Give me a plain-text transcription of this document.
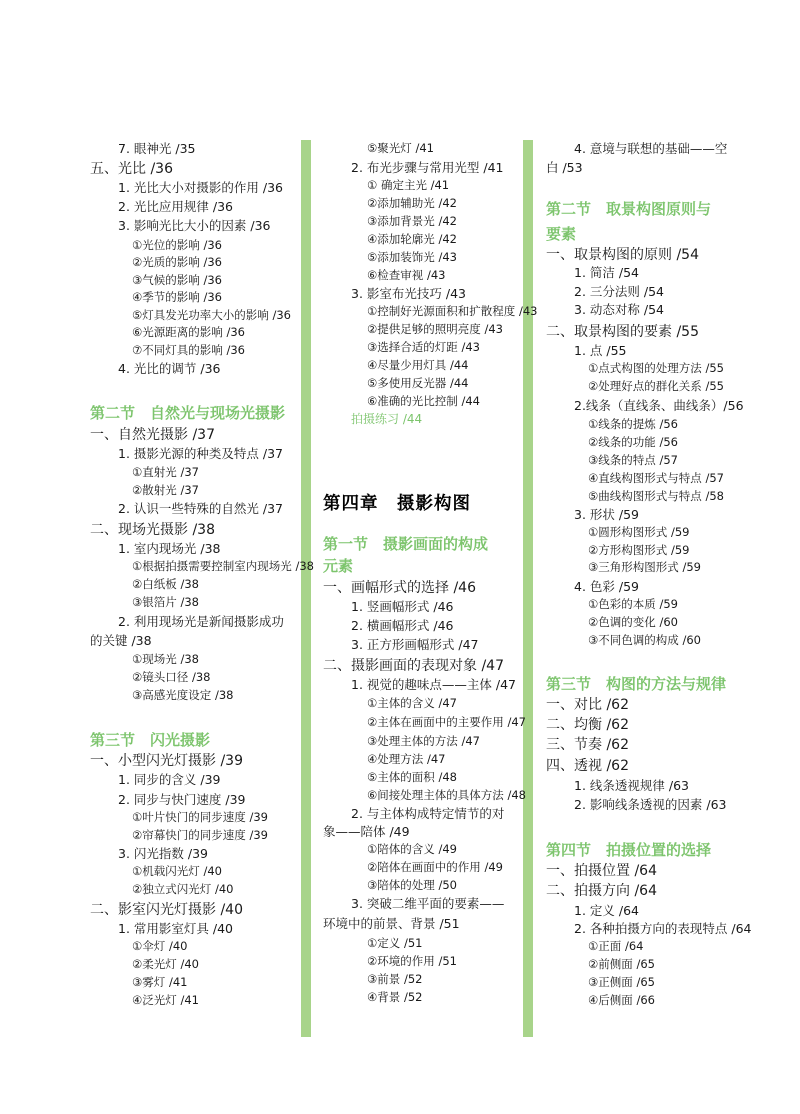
7. 眼神光 /35
五、光比 /36
1. 光比大小对摄影的作用 /36
2. 光比应用规律 /36
3. 影响光比大小的因素 /36
①光位的影响 /36
②光质的影响 /36
③气候的影响 /36
④季节的影响 /36
⑤灯具发光功率大小的影响 /36
⑥光源距离的影响 /36
⑦不同灯具的影响 /36
4. 光比的调节 /36
第二节　自然光与现场光摄影
一、自然光摄影 /37
1. 摄影光源的种类及特点 /37
①直射光 /37
②散射光 /37
2. 认识一些特殊的自然光 /37
二、现场光摄影 /38
1. 室内现场光 /38
①根据拍摄需要控制室内现场光 /38
②白纸板 /38
③银箔片 /38
2. 利用现场光是新闻摄影成功
的关键 /38
①现场光 /38
②镜头口径 /38
③高感光度设定 /38
第三节　闪光摄影
一、小型闪光灯摄影 /39
1. 同步的含义 /39
2. 同步与快门速度 /39
①叶片快门的同步速度 /39
②帘幕快门的同步速度 /39
3. 闪光指数 /39
①机载闪光灯 /40
②独立式闪光灯 /40
二、影室闪光灯摄影 /40
1. 常用影室灯具 /40
①伞灯 /40
②柔光灯 /40
③雾灯 /41
④泛光灯 /41
⑤聚光灯 /41
2. 布光步骤与常用光型 /41
① 确定主光 /41
②添加辅助光 /42
③添加背景光 /42
④添加轮廓光 /42
⑤添加装饰光 /43
⑥检查审视 /43
3. 影室布光技巧 /43
①控制好光源面积和扩散程度 /43
②提供足够的照明亮度 /43
③选择合适的灯距 /43
④尽量少用灯具 /44
⑤多使用反光器 /44
⑥准确的光比控制 /44
拍摄练习 /44
第四章　摄影构图
第一节　摄影画面的构成
元素
一、画幅形式的选择 /46
1. 竖画幅形式 /46
2. 横画幅形式 /46
3. 正方形画幅形式 /47
二、摄影画面的表现对象 /47
1. 视觉的趣味点——主体 /47
①主体的含义 /47
②主体在画面中的主要作用 /47
③处理主体的方法 /47
④处理方法 /47
⑤主体的面积 /48
⑥间接处理主体的具体方法 /48
2. 与主体构成特定情节的对
象——陪体 /49
①陪体的含义 /49
②陪体在画面中的作用 /49
③陪体的处理 /50
3. 突破二维平面的要素——
环境中的前景、背景 /51
①定义 /51
②环境的作用 /51
③前景 /52
④背景 /52
4. 意境与联想的基础——空
白 /53
第二节　取景构图原则与
要素
一、取景构图的原则 /54
1. 简洁 /54
2. 三分法则 /54
3. 动态对称 /54
二、取景构图的要素 /55
1. 点 /55
①点式构图的处理方法 /55
②处理好点的群化关系 /55
2.线条（直线条、曲线条）/56
①线条的提炼 /56
②线条的功能 /56
③线条的特点 /57
④直线构图形式与特点 /57
⑤曲线构图形式与特点 /58
3. 形状 /59
①圆形构图形式 /59
②方形构图形式 /59
③三角形构图形式 /59
4. 色彩 /59
①色彩的本质 /59
②色调的变化 /60
③不同色调的构成 /60
第三节　构图的方法与规律
一、对比 /62
二、均衡 /62
三、节奏 /62
四、透视 /62
1. 线条透视规律 /63
2. 影响线条透视的因素 /63
第四节　拍摄位置的选择
一、拍摄位置 /64
二、拍摄方向 /64
1. 定义 /64
2. 各种拍摄方向的表现特点 /64
①正面 /64
②前侧面 /65
③正侧面 /65
④后侧面 /66
